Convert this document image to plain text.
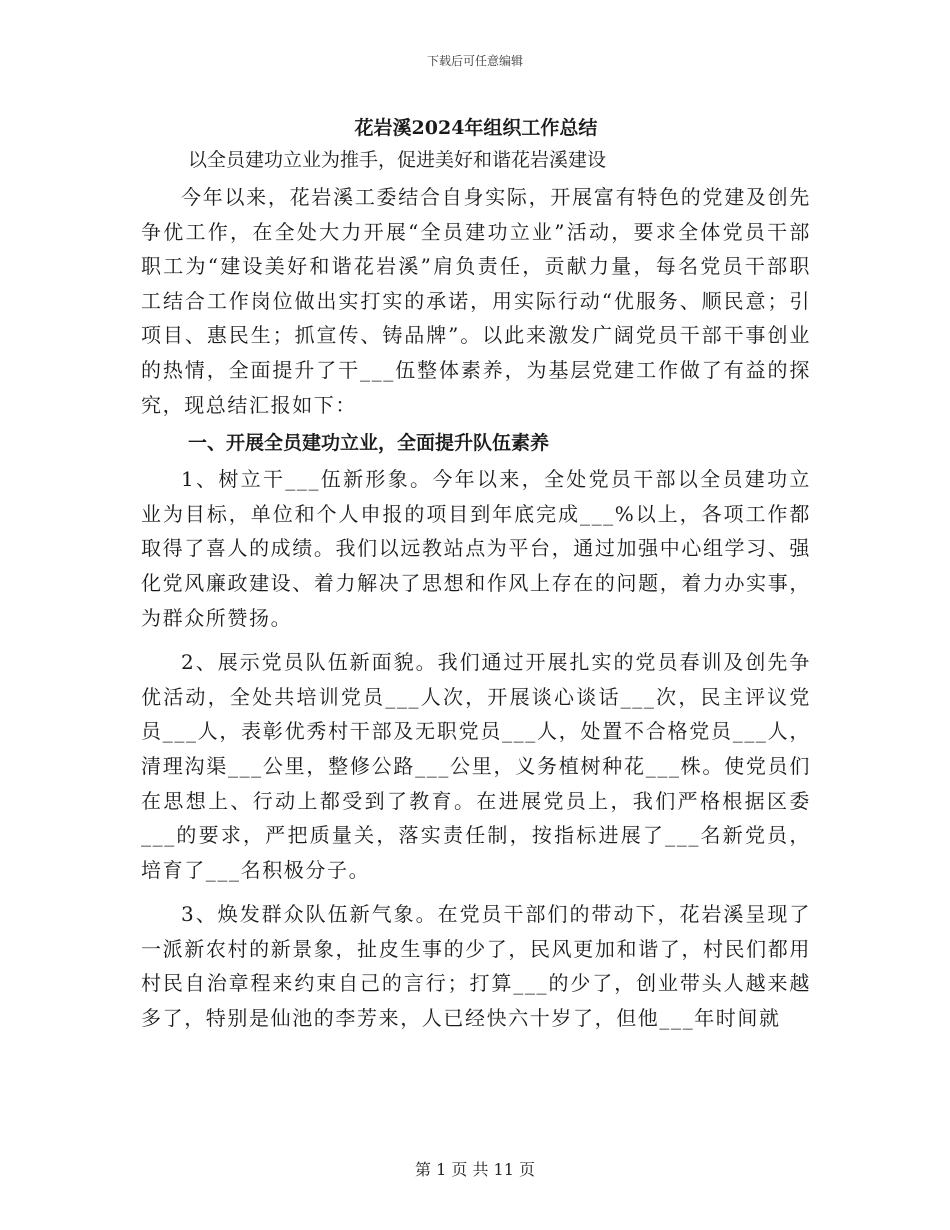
下载后可任意编辑
花岩溪2024年组织工作总结

以全员建功立业为推手，促进美好和谐花岩溪建设

今年以来，花岩溪工委结合自身实际，开展富有特色的党建及创先争优工作，在全处大力开展“全员建功立业”活动，要求全体党员干部职工为“建设美好和谐花岩溪”肩负责任，贡献力量，每名党员干部职工结合工作岗位做出实打实的承诺，用实际行动“优服务、顺民意；引项目、惠民生；抓宣传、铸品牌”。以此来激发广阔党员干部干事创业的热情，全面提升了干___伍整体素养，为基层党建工作做了有益的探究，现总结汇报如下：

一、开展全员建功立业，全面提升队伍素养

1、树立干___伍新形象。今年以来，全处党员干部以全员建功立业为目标，单位和个人申报的项目到年底完成___%以上，各项工作都取得了喜人的成绩。我们以远教站点为平台，通过加强中心组学习、强化党风廉政建设、着力解决了思想和作风上存在的问题，着力办实事，为群众所赞扬。

2、展示党员队伍新面貌。我们通过开展扎实的党员春训及创先争优活动，全处共培训党员___人次，开展谈心谈话___次，民主评议党员___人，表彰优秀村干部及无职党员___人，处置不合格党员___人，清理沟渠___公里，整修公路___公里，义务植树种花___株。使党员们在思想上、行动上都受到了教育。在进展党员上，我们严格根据区委___的要求，严把质量关，落实责任制，按指标进展了___名新党员，培育了___名积极分子。

3、焕发群众队伍新气象。在党员干部们的带动下，花岩溪呈现了一派新农村的新景象，扯皮生事的少了，民风更加和谐了，村民们都用村民自治章程来约束自己的言行；打算___的少了，创业带头人越来越多了，特别是仙池的李芳来，人已经快六十岁了，但他___年时间就

第 1 页 共 11 页
